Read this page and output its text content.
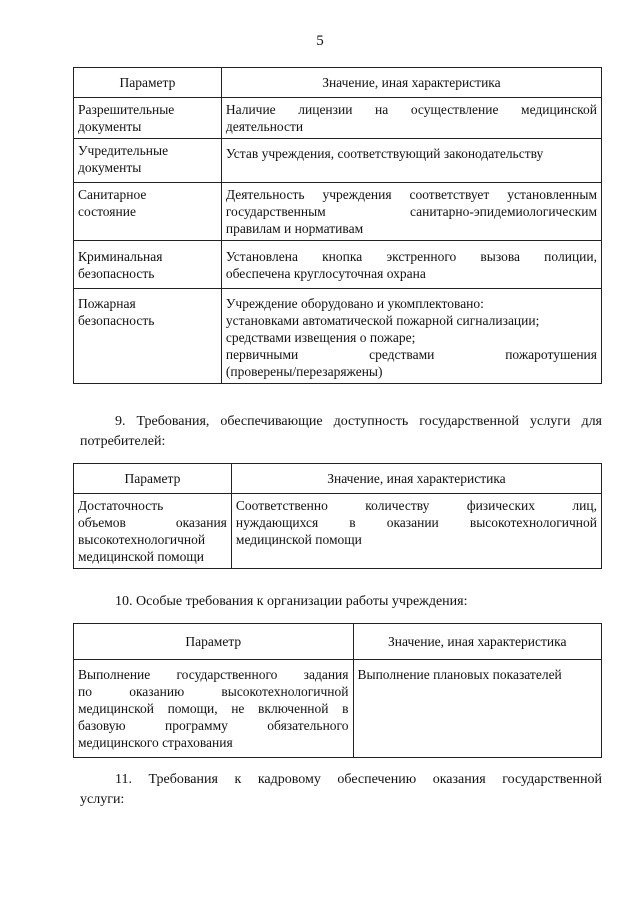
5
Параметр	Значение, иная характеристика

Разрешительные
документы	Наличие лицензии на осуществление медицинской
деятельности

Учредительные
документы	Устав учреждения, соответствующий законодательству

Санитарное
состояние	Деятельность учреждения соответствует установленным
государственным санитарно-эпидемиологическим
правилам и нормативам

Криминальная
безопасность	Установлена кнопка экстренного вызова полиции,
обеспечена круглосуточная охрана

Пожарная
безопасность	Учреждение оборудовано и укомплектовано:
установками автоматической пожарной сигнализации;
средствами извещения о пожаре;
первичными средствами пожаротушения
(проверены/перезаряжены)
9. Требования, обеспечивающие доступность государственной услуги для
потребителей:
Параметр	Значение, иная характеристика

Достаточность
объемов оказания
высокотехнологичной
медицинской помощи	Соответственно количеству физических лиц,
нуждающихся в оказании высокотехнологичной
медицинской помощи
10. Особые требования к организации работы учреждения:
Параметр	Значение, иная характеристика

Выполнение государственного задания
по оказанию высокотехнологичной
медицинской помощи, не включенной в
базовую программу обязательного
медицинского страхования	Выполнение плановых показателей
11. Требования к кадровому обеспечению оказания государственной
услуги:
